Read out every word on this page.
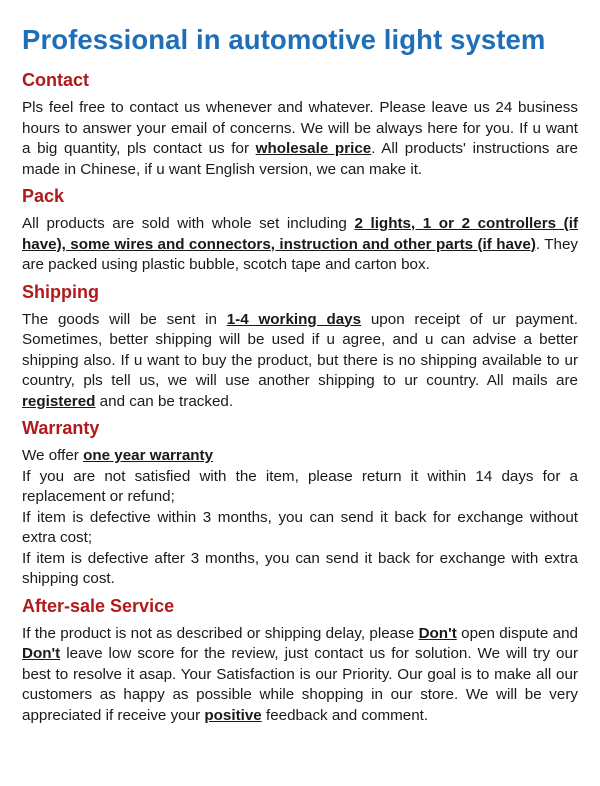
Professional in automotive light system
Contact

Pls feel free to contact us whenever and whatever. Please leave us 24 business hours to answer your email of concerns. We will be always here for you. If u want a big quantity, pls contact us for wholesale price. All products' instructions are made in Chinese, if u want English version, we can make it.

Pack

All products are sold with whole set including 2 lights, 1 or 2 controllers (if have), some wires and connectors, instruction and other parts (if have). They are packed using plastic bubble, scotch tape and carton box.

Shipping

The goods will be sent in 1-4 working days upon receipt of ur payment. Sometimes, better shipping will be used if u agree, and u can advise a better shipping also. If u want to buy the product, but there is no shipping available to ur country, pls tell us, we will use another shipping to ur country. All mails are registered and can be tracked.

Warranty

We offer one year warranty
If you are not satisfied with the item, please return it within 14 days for a replacement or refund;
If item is defective within 3 months, you can send it back for exchange without extra cost;
If item is defective after 3 months, you can send it back for exchange with extra shipping cost.

After-sale Service

If the product is not as described or shipping delay, please Don't open dispute and Don't leave low score for the review, just contact us for solution. We will try our best to resolve it asap. Your Satisfaction is our Priority. Our goal is to make all our customers as happy as possible while shopping in our store. We will be very appreciated if receive your positive feedback and comment.
